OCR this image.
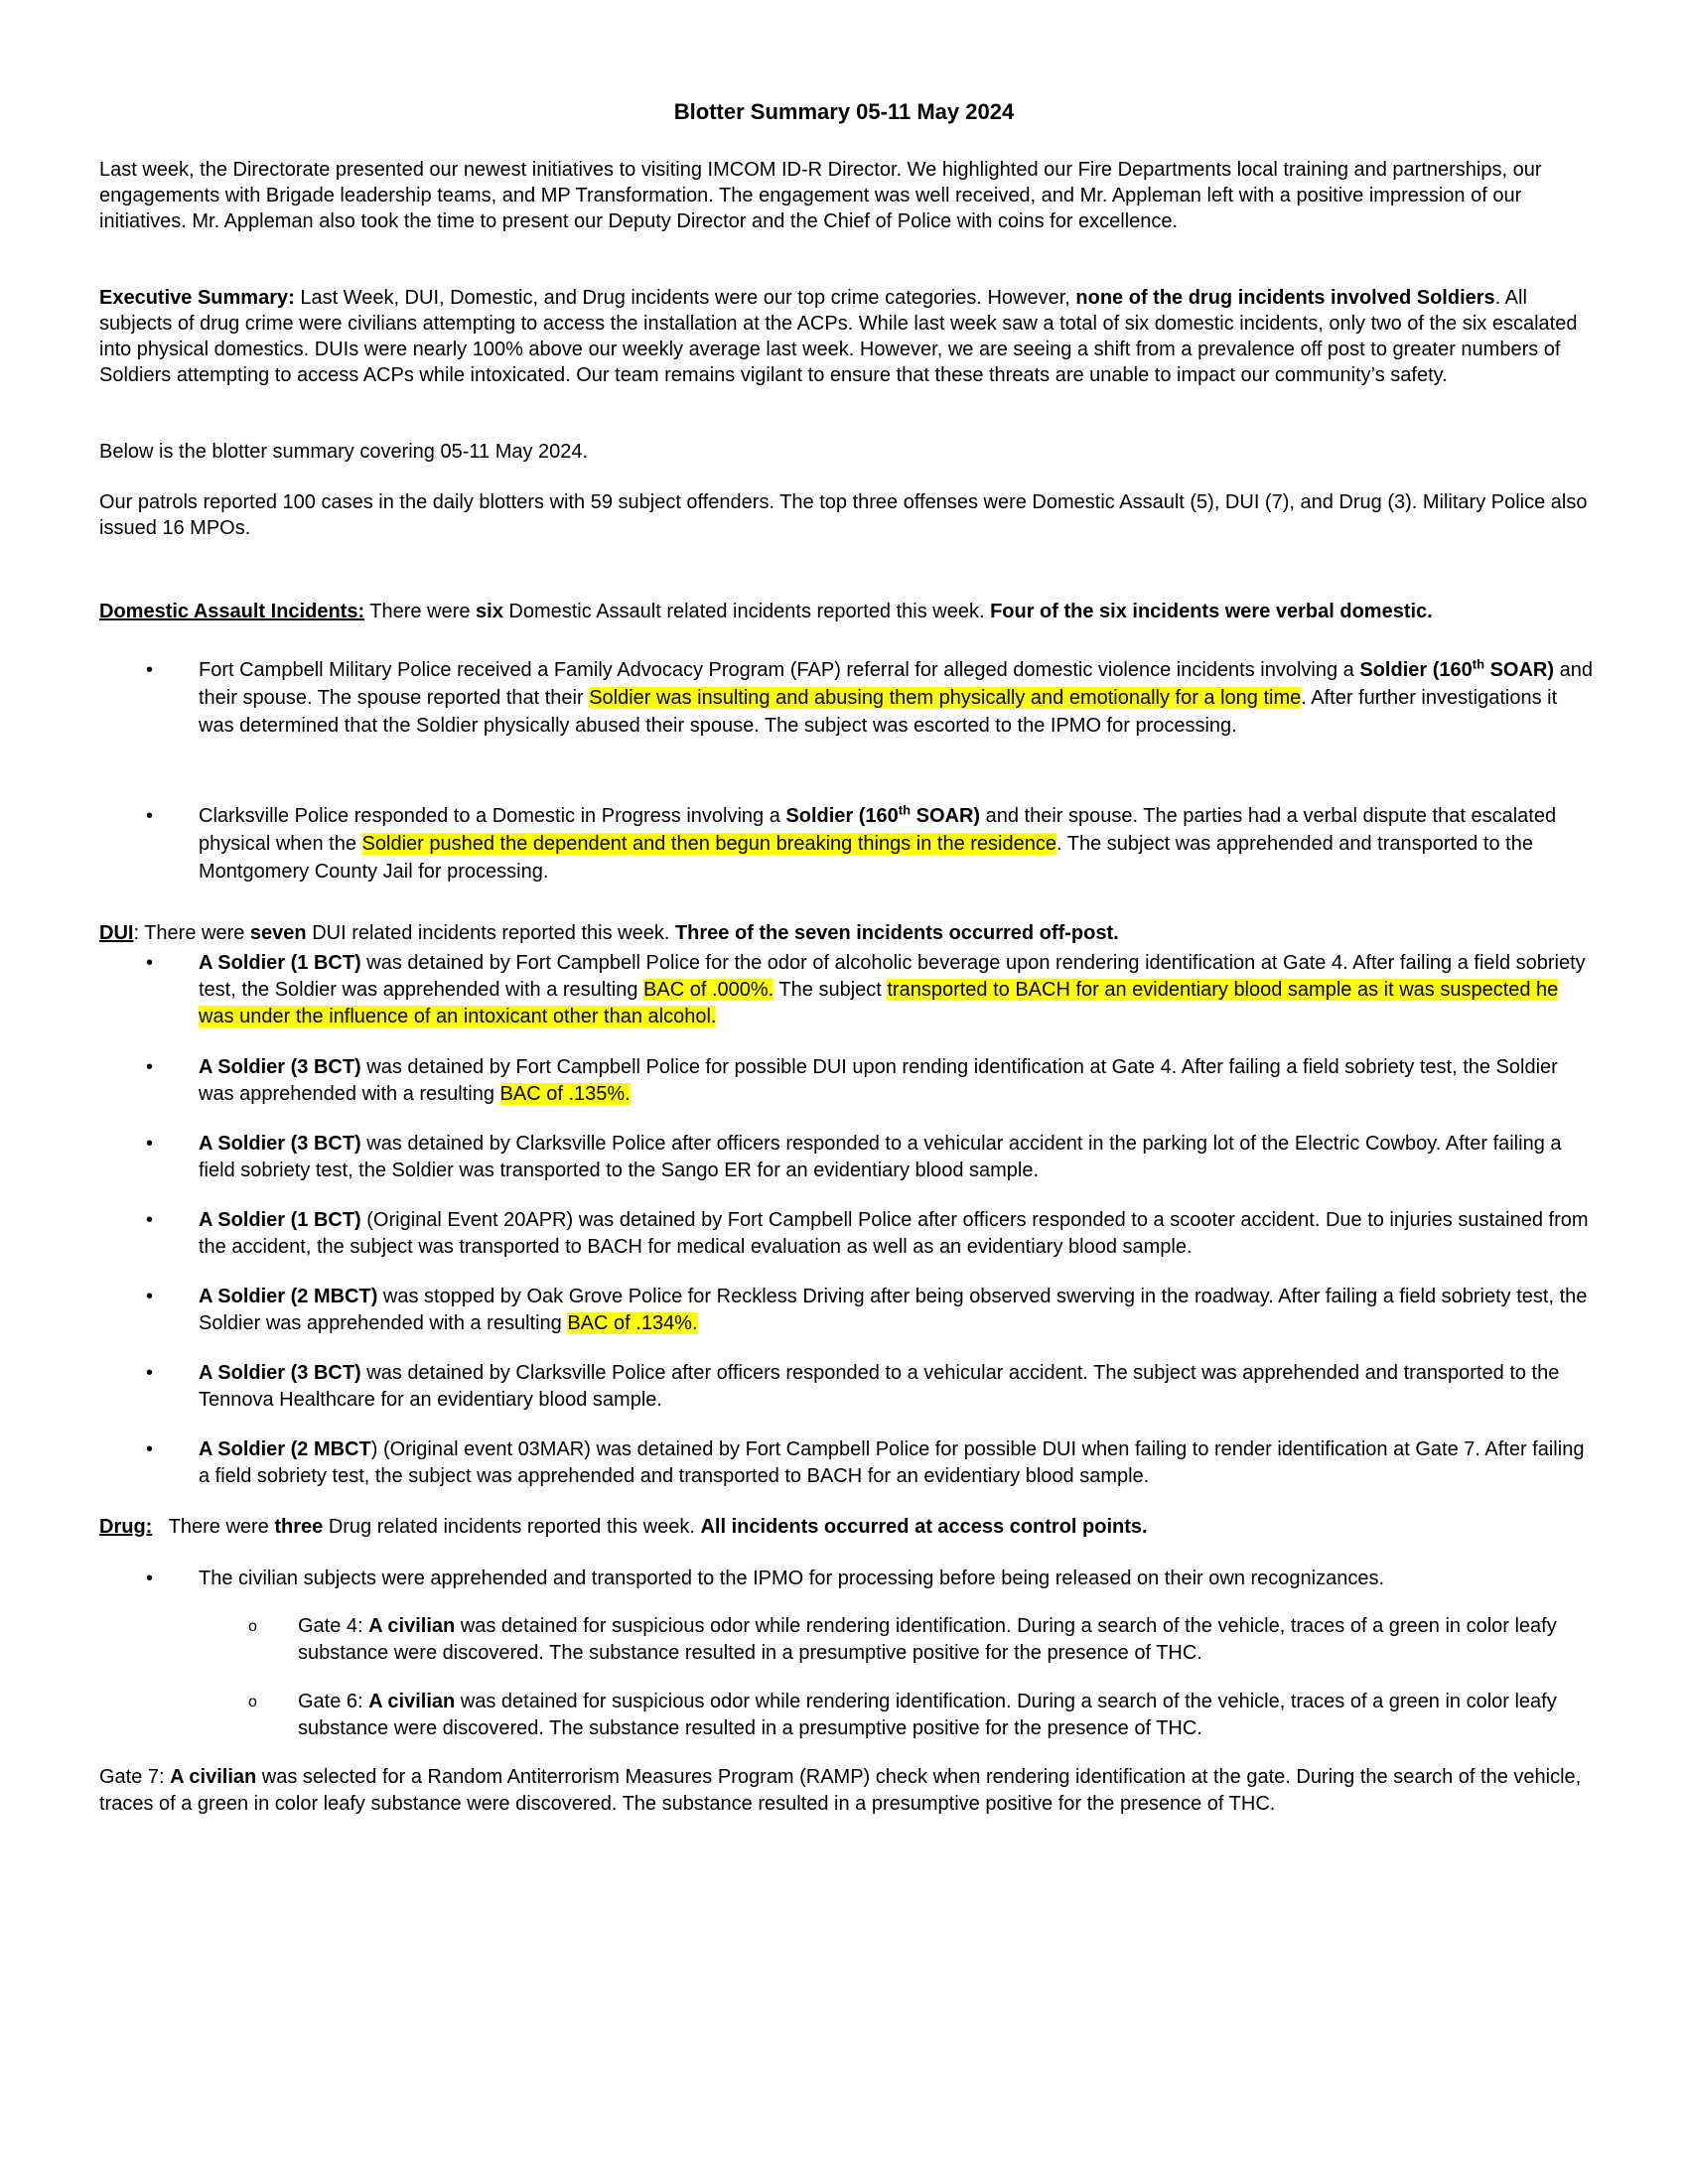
Blotter Summary 05-11 May 2024
Last week, the Directorate presented our newest initiatives to visiting IMCOM ID-R Director. We highlighted our Fire Departments local training and partnerships, our engagements with Brigade leadership teams, and MP Transformation. The engagement was well received, and Mr. Appleman left with a positive impression of our initiatives. Mr. Appleman also took the time to present our Deputy Director and the Chief of Police with coins for excellence.
Executive Summary: Last Week, DUI, Domestic, and Drug incidents were our top crime categories. However, none of the drug incidents involved Soldiers. All subjects of drug crime were civilians attempting to access the installation at the ACPs. While last week saw a total of six domestic incidents, only two of the six escalated into physical domestics. DUIs were nearly 100% above our weekly average last week. However, we are seeing a shift from a prevalence off post to greater numbers of Soldiers attempting to access ACPs while intoxicated. Our team remains vigilant to ensure that these threats are unable to impact our community’s safety.
Below is the blotter summary covering 05-11 May 2024.
Our patrols reported 100 cases in the daily blotters with 59 subject offenders. The top three offenses were Domestic Assault (5), DUI (7), and Drug (3). Military Police also issued 16 MPOs.
Domestic Assault Incidents: There were six Domestic Assault related incidents reported this week. Four of the six incidents were verbal domestic.
• Fort Campbell Military Police received a Family Advocacy Program (FAP) referral for alleged domestic violence incidents involving a Soldier (160th SOAR) and their spouse. The spouse reported that their Soldier was insulting and abusing them physically and emotionally for a long time. After further investigations it was determined that the Soldier physically abused their spouse. The subject was escorted to the IPMO for processing.
• Clarksville Police responded to a Domestic in Progress involving a Soldier (160th SOAR) and their spouse. The parties had a verbal dispute that escalated physical when the Soldier pushed the dependent and then begun breaking things in the residence. The subject was apprehended and transported to the Montgomery County Jail for processing.
DUI: There were seven DUI related incidents reported this week. Three of the seven incidents occurred off-post.
• A Soldier (1 BCT) was detained by Fort Campbell Police for the odor of alcoholic beverage upon rendering identification at Gate 4. After failing a field sobriety test, the Soldier was apprehended with a resulting BAC of .000%. The subject transported to BACH for an evidentiary blood sample as it was suspected he was under the influence of an intoxicant other than alcohol.
• A Soldier (3 BCT) was detained by Fort Campbell Police for possible DUI upon rending identification at Gate 4. After failing a field sobriety test, the Soldier was apprehended with a resulting BAC of .135%.
• A Soldier (3 BCT) was detained by Clarksville Police after officers responded to a vehicular accident in the parking lot of the Electric Cowboy. After failing a field sobriety test, the Soldier was transported to the Sango ER for an evidentiary blood sample.
• A Soldier (1 BCT) (Original Event 20APR) was detained by Fort Campbell Police after officers responded to a scooter accident. Due to injuries sustained from the accident, the subject was transported to BACH for medical evaluation as well as an evidentiary blood sample.
• A Soldier (2 MBCT) was stopped by Oak Grove Police for Reckless Driving after being observed swerving in the roadway. After failing a field sobriety test, the Soldier was apprehended with a resulting BAC of .134%.
• A Soldier (3 BCT) was detained by Clarksville Police after officers responded to a vehicular accident. The subject was apprehended and transported to the Tennova Healthcare for an evidentiary blood sample.
• A Soldier (2 MBCT) (Original event 03MAR) was detained by Fort Campbell Police for possible DUI when failing to render identification at Gate 7. After failing a field sobriety test, the subject was apprehended and transported to BACH for an evidentiary blood sample.
Drug:   There were three Drug related incidents reported this week. All incidents occurred at access control points.
• The civilian subjects were apprehended and transported to the IPMO for processing before being released on their own recognizances.
o Gate 4: A civilian was detained for suspicious odor while rendering identification. During a search of the vehicle, traces of a green in color leafy substance were discovered. The substance resulted in a presumptive positive for the presence of THC.
o Gate 6: A civilian was detained for suspicious odor while rendering identification. During a search of the vehicle, traces of a green in color leafy substance were discovered. The substance resulted in a presumptive positive for the presence of THC.
Gate 7: A civilian was selected for a Random Antiterrorism Measures Program (RAMP) check when rendering identification at the gate. During the search of the vehicle, traces of a green in color leafy substance were discovered. The substance resulted in a presumptive positive for the presence of THC.
